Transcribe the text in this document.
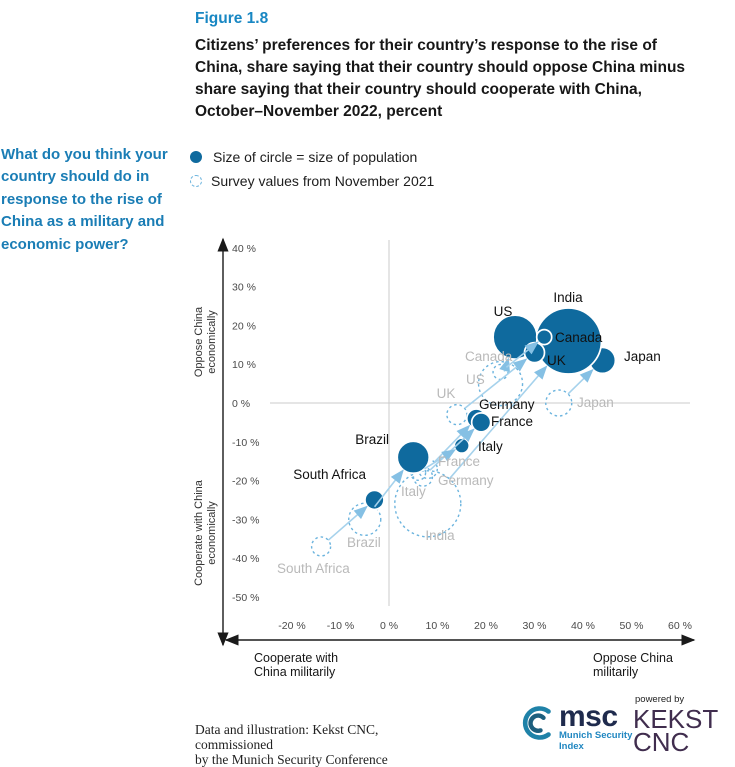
40 %
30 %
20 %
10 %
0 %
-10 %
-20 %
-30 %
-40 %
-50 %
-20 % -10 % 0 %	10 % 20 % 30 % 40 % 50 % 60 %
Oppose Chinaeconomically
Cooperate with Chinaeconomically
Cooperate with
China militarily
Oppose China
militarily
Canada
US
Japan
UK
France
Germany
Italy
India
Brazil
South Africa
US
India
Canada
UK	Japan
Germany
France
Italy
Brazil
South Africa
Figure 1.8
Citizens’ preferences for their country’s response to the rise of
China, share saying that their country should oppose China minus
share saying that their country should cooperate with China,
October–November 2022, percent
What do you think your
country should do in
response to the rise of
China as a military and
economic power?
Size of circle = size of population
Survey values from November 2021
Data and illustration: Kekst CNC, commissioned
by the Munich Security Conference
msc
Munich Security
Index
powered by
KEKST
CNC
